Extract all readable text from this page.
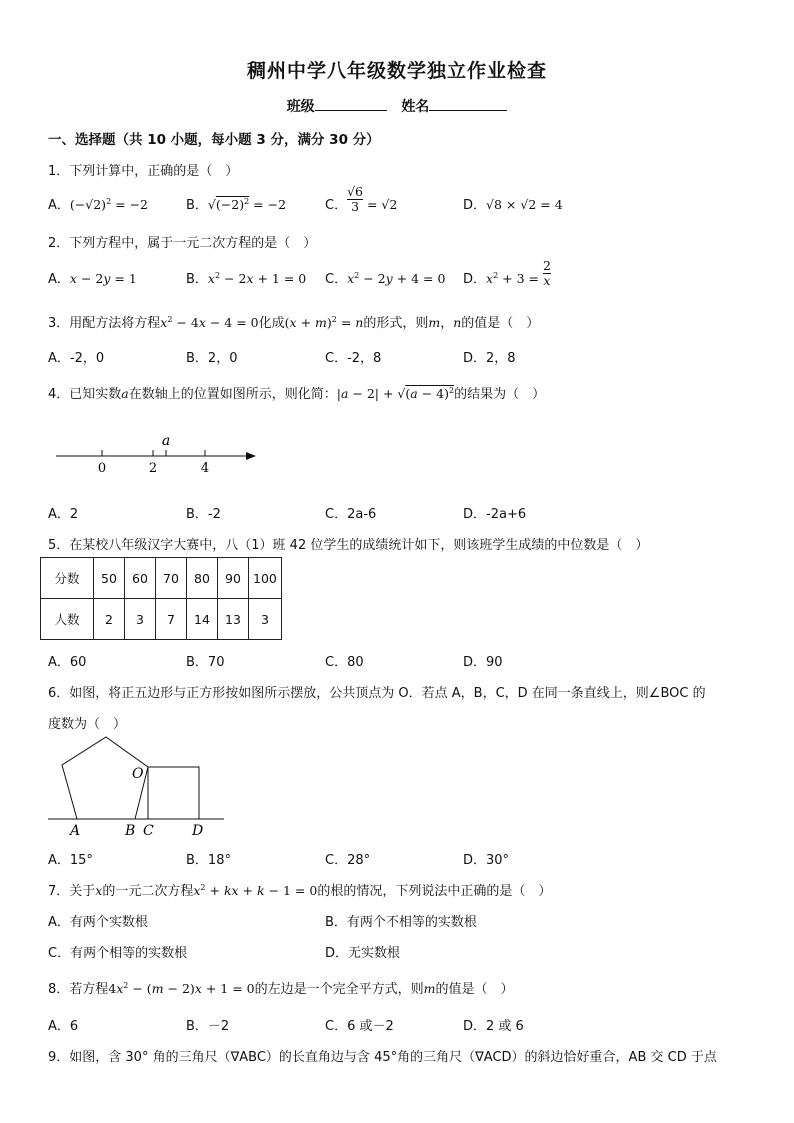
稠州中学八年级数学独立作业检查
班级	姓名
一、选择题（共 10 小题，每小题 3 分，满分 30 分）
1．下列计算中，正确的是（　）
A．$(-√2)^2 = -2$	B．$√(-2)^2 = -2$	C． $\frac{√6}{3} = √2$	D．√8 × √2 = 4
2．下列方程中，属于一元二次方程的是（　）
A．x − 2y = 1	B．$x^2 - 2x + 1 = 0$ C．$x^2 - 2y + 4 = 0$ D．$x^2 + 3 = \frac{2}{x}$
3．用配方法将方程$x^2 - 4x - 4 = 0$化成$(x + m)^2 = n$的形式，则m，n的值是（　）
A．-2，0	B．2，0	C．-2，8	D．2，8
4．已知实数a在数轴上的位置如图所示，则化简：$|a - 2| + √(a - 4)^2$的结果为（　）
0	2	4
a
A．2	B．-2	C．2a-6	D．-2a+6
5．在某校八年级汉字大赛中，八（1）班 42 位学生的成绩统计如下，则该班学生成绩的中位数是（　）
分数	50	60	70	80	90	100
人数	2	3	7	14	13	3
A．60	B．70	C．80	D．90
6．如图，将正五边形与正方形按如图所示摆放，公共顶点为 O．若点 A，B，C，D 在同一条直线上，则∠BOC 的
度数为（　）
O
A	B C	D
A．15°	B．18°	C．28°	D．30°
7．关于x的一元二次方程$x^2$ + kx + k − 1 = 0的根的情况，下列说法中正确的是（　）
A．有两个实数根	B．有两个不相等的实数根
C．有两个相等的实数根	D．无实数根
8．若方程$4x^2 - (m - 2)x + 1 = 0$的左边是一个完全平方式，则m的值是（　）
A．6	B．－2	C．6 或－2	D．2 或 6
9．如图，含 30° 角的三角尺（∇ABC）的长直角边与含 45°角的三角尺（∇ACD）的斜边恰好重合，AB 交 CD 于点
